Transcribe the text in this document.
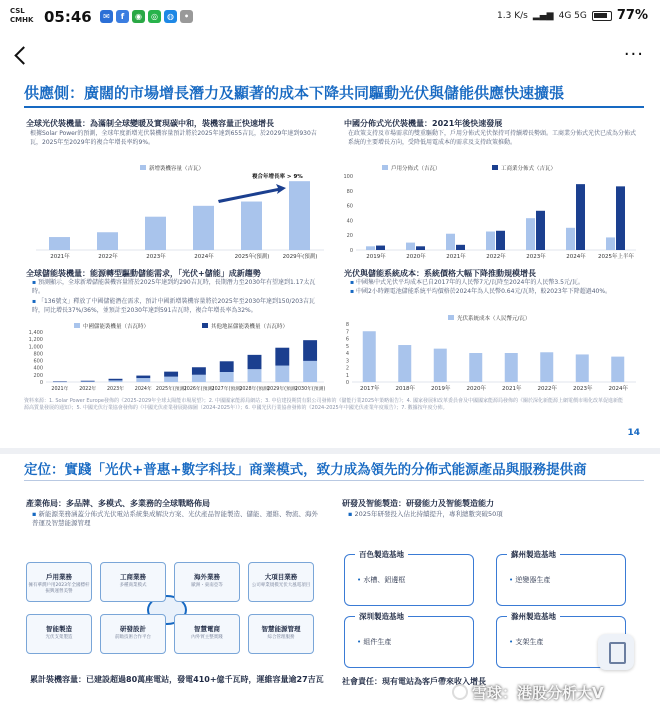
CSL
CMHK 05:46	✉	f	◉	◎	◍	•	1.3 K/s ▂▄▆ 4G 5G 77%
···
供應側：廣闊的市場增長潛力及顯著的成本下降共同驅動光伏與儲能供應快速擴張
全球光伏裝機量：為滿制全球變暖及實現碳中和，裝機容量正快速增長
根據Solar Power的預測，全球年度新增光伏裝機容量預計將於2025年達到655吉瓦，於2029年達到930吉瓦，2025年至2029年的複合年增長率約9%。
2021年	2022年	2023年	2024年	2025年(預測) 2029年(預測)
新增裝機容量（吉瓦）
複合年增長率 > 9%
全球儲能裝機量：能源轉型驅動儲能需求，「光伏+儲能」成新趨勢
▪ 預測顯示，全球新增儲能裝機容量將於2025年達到約290吉瓦時，長期潛力至2030年有望達到1.17太瓦時。
▪ 「136號文」釋放了中國儲能潛在需求，預計中國新增裝機容量將於2025年至2030年達到150/203吉瓦時，同比增長37%/36%，並預計至2030年達到591吉瓦時，複合年增長率為32%。
0
200
400
600
800
1,000
1,200
1,400
2021年 2022年 2023年 2024年 2025年(預測)
2026年(預測)
2027年(預測)
2028年(預測)
2029年(預測)
2030年(預測)
中國儲能裝機量（吉瓦時）	其他地區儲能裝機量（吉瓦時）
中國分佈式光伏裝機量：2021年後快速發展
在政策支持及市場需求的雙重驅動下，戶用分佈式光伏保持可持續增長勢頭。工商業分佈式光伏已成為分佈式系統的主要增長方向，受降低用電成本的需求及支持政策推動。
0
20
40
60
80
100
2019年	2020年	2021年	2022年	2023年	2024年 2025年上半年
戶用分佈式（吉瓦）	工商業分佈式（吉瓦）
光伏與儲能系統成本：系統價格大幅下降推動規模增長
▪ 中國集中式光伏平均成本已自2017年的人民幣7元/瓦降至2024年的人民幣3.5元/瓦。
▪ 中國2小時鋰電池儲能系統平均價格於2024年為人民幣0.64元/瓦時，較2023年下降超過40%。
0
1
2
3
4
5
6
7
8
2017年	2018年	2019年	2020年	2021年	2022年	2023年	2024年
光伏系統成本（人民幣元/瓦）
資料來源：1. Solar Power Europe發佈的《2025-2029年全球太陽能市場展望》；2. 中國國家能源局網站；3. 中信建投期貨有限公司發佈的《儲能行業2025年策略報告》；4. 國家發展和改革委員會及中國國家能源局發佈的《關於深化新能源上網電價市場化改革促進新能源高質量發展的通知》；5. 中國光伏行業協會發佈的《中國光伏產業發展路線圖（2024-2025年）》；6. 中國光伏行業協會發佈的《2024-2025年中國光伏產業年度報告》；7. 數據按年度分佈。
14
定位：實踐「光伏+普惠+數字科技」商業模式，致力成為領先的分佈式能源產品與服務提供商
產業佈局：多品牌、多模式、多業務的全球戰略佈局
▪ 新能源業務涵蓋分佈式光伏電站系統集成解決方案、光伏產品智能製造、儲能、運維、物流、海外普運及智慧能源管理
戶用業務
擁有華潤戶用2023年全國標杆振興運營美譽
工商業務
多種商業模式
海外業務
歐洲・東南亞等
大項目業務
公司專業規模光伏大風電項目
智能製造
光伏支架製造
研發設計
前瞻技術合作平台
智慧電商
內外貿主整實踐
智慧能源管理
綜合管理服務
累計裝機容量：已建設超過80萬座電站，發電410+億千瓦時，運維容量逾27吉瓦
研發及智能製造：研發能力及智能製造能力
▪ 2025年研發投入佔比持續提升，專利總數突破50項
百色製造基地
• 水槽、鋁邊框
蘇州製造基地
• 逆變器生產
深圳製造基地
• 組件生產
滁州製造基地
• 支架生產
社會責任：現有電站為客戶帶來收入增長
雪球：港股分析大V
